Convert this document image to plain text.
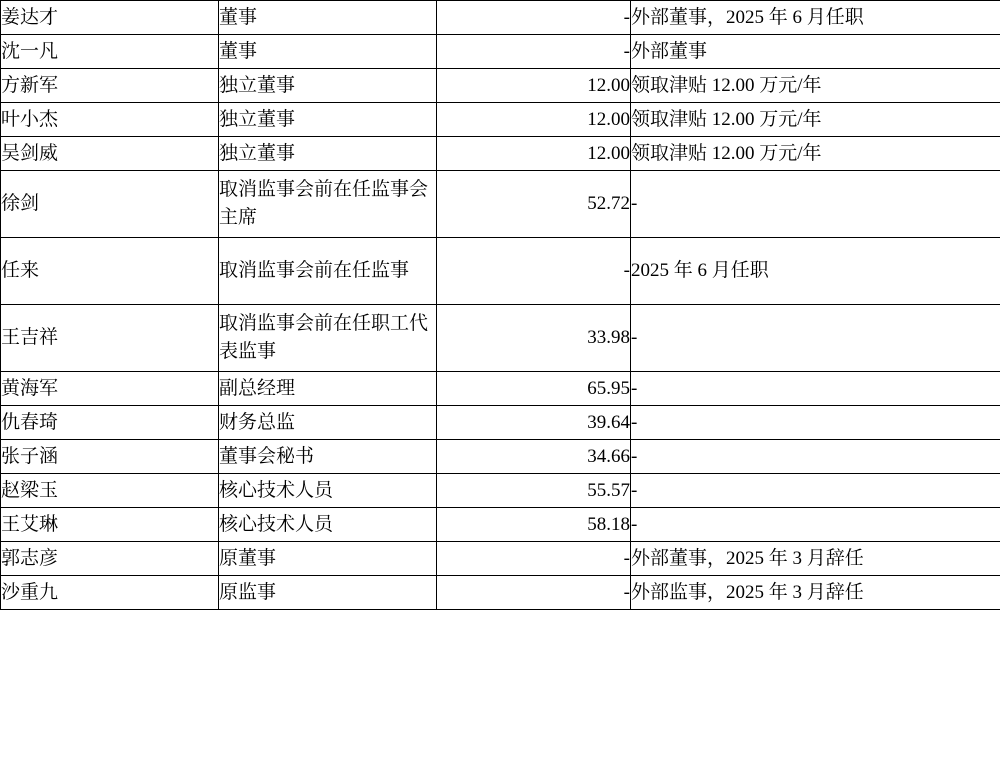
姜达才	董事	-	外部董事，2025 年 6 月任职
沈一凡	董事	-	外部董事
方新军	独立董事	12.00	领取津贴 12.00 万元/年
叶小杰	独立董事	12.00	领取津贴 12.00 万元/年
吴剑威	独立董事	12.00	领取津贴 12.00 万元/年
徐剑	取消监事会前在任监事会主席	52.72	-
任来	取消监事会前在任监事	-	2025 年 6 月任职
王吉祥	取消监事会前在任职工代表监事	33.98	-
黄海军	副总经理	65.95	-
仇春琦	财务总监	39.64	-
张子涵	董事会秘书	34.66	-
赵梁玉	核心技术人员	55.57	-
王艾琳	核心技术人员	58.18	-
郭志彦	原董事	-	外部董事，2025 年 3 月辞任
沙重九	原监事	-	外部监事，2025 年 3 月辞任
